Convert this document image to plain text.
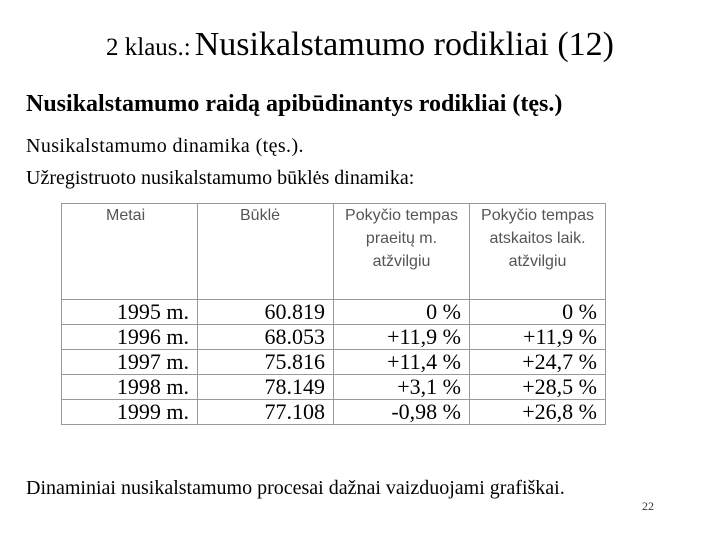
2 klaus.: Nusikalstamumo rodikliai (12)
Nusikalstamumo raidą apibūdinantys rodikliai (tęs.)
Nusikalstamumo dinamika (tęs.).
Užregistruoto nusikalstamumo būklės dinamika:
Metai	Būklė	Pokyčio tempas praeitų m. atžvilgiu	Pokyčio tempas atskaitos laik. atžvilgiu
1995 m.	60.819	0 %	0 %
1996 m.	68.053	+11,9 %	+11,9 %
1997 m.	75.816	+11,4 %	+24,7 %
1998 m.	78.149	+3,1 %	+28,5 %
1999 m.	77.108	-0,98 %	+26,8 %
Dinaminiai nusikalstamumo procesai dažnai vaizduojami grafiškai.
22
